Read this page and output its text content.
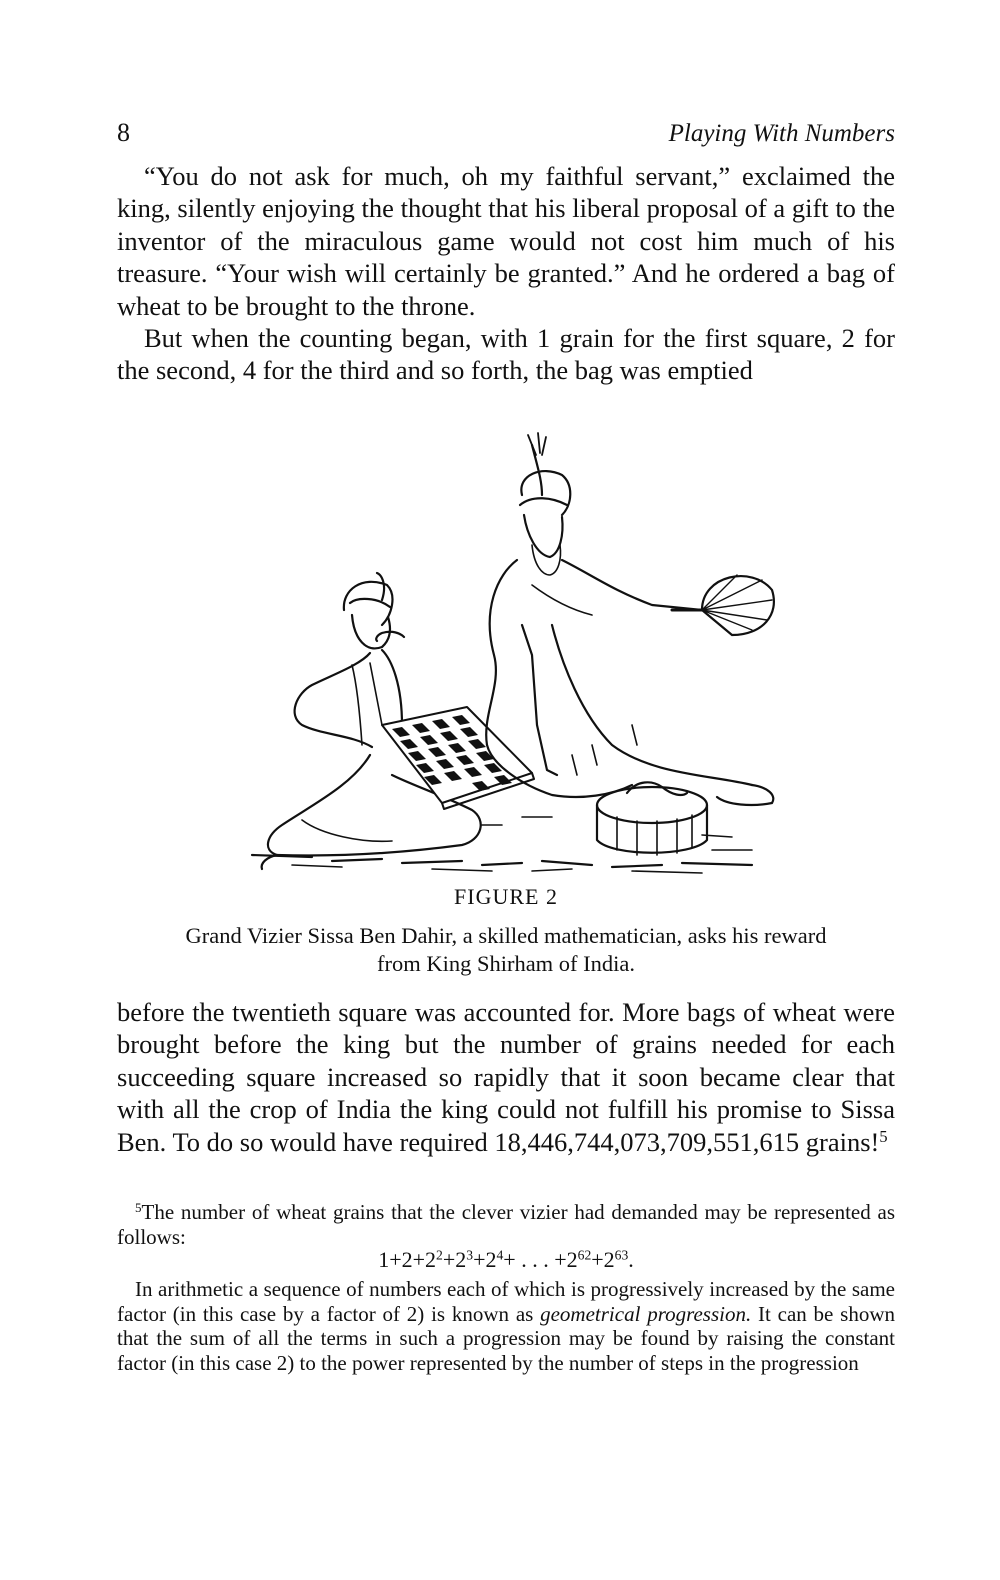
8	Playing With Numbers

“You do not ask for much, oh my faithful servant,” exclaimed the king, silently enjoying the thought that his liberal proposal of a gift to the inventor of the miraculous game would not cost him much of his treasure. “Your wish will certainly be granted.” And he ordered a bag of wheat to be brought to the throne.

But when the counting began, with 1 grain for the first square, 2 for the second, 4 for the third and so forth, the bag was emptied

FIGURE 2
Grand Vizier Sissa Ben Dahir, a skilled mathematician, asks his reward
from King Shirham of India.

before the twentieth square was accounted for. More bags of wheat were brought before the king but the number of grains needed for each succeeding square increased so rapidly that it soon became clear that with all the crop of India the king could not fulfill his promise to Sissa Ben. To do so would have required 18,446,744,073,709,551,615 grains!$^5$

$^5$The number of wheat grains that the clever vizier had demanded may be represented as follows:

$1+2+2^2+2^3+2^4+$ . . . $+2^{62}+2^{63}$.

In arithmetic a sequence of numbers each of which is progressively increased by the same factor (in this case by a factor of 2) is known as geometrical progression. It can be shown that the sum of all the terms in such a progression may be found by raising the constant factor (in this case 2) to the power represented by the number of steps in the progression
